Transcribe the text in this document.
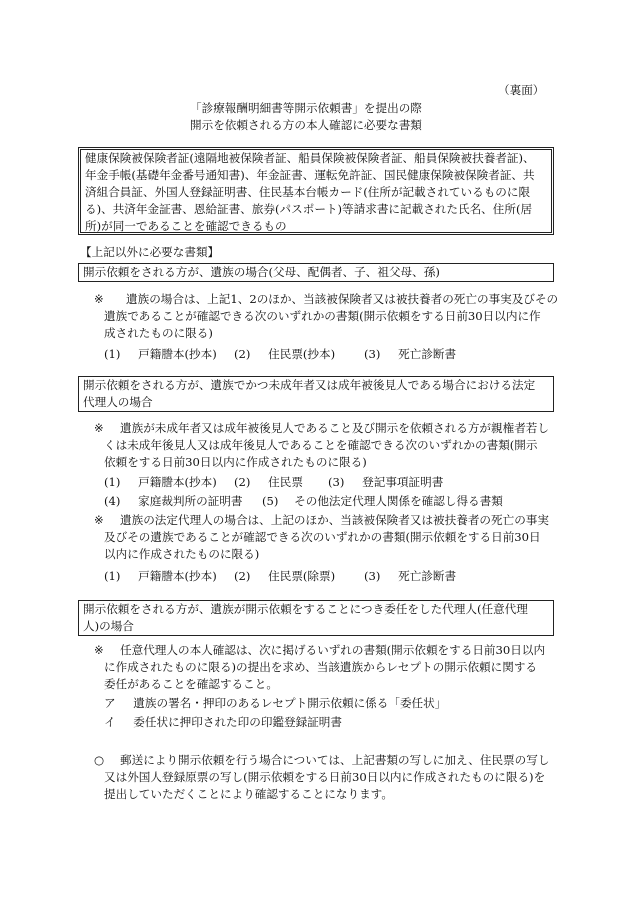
（裏面）
「診療報酬明細書等開示依頼書」を提出の際
開示を依頼される方の本人確認に必要な書類
健康保険被保険者証(遠隔地被保険者証、船員保険被保険者証、船員保険被扶養者証)、
年金手帳(基礎年金番号通知書)、年金証書、運転免許証、国民健康保険被保険者証、共
済組合員証、外国人登録証明書、住民基本台帳カード(住所が記載されているものに限
る)、共済年金証書、恩給証書、旅券(パスポート)等請求書に記載された氏名、住所(居
所)が同一であることを確認できるもの
【上記以外に必要な書類】
開示依頼をされる方が、遺族の場合(父母、配偶者、子、祖父母、孫)
※ 遺族の場合は、上記1、2のほか、当該被保険者又は被扶養者の死亡の事実及びその
遺族であることが確認できる次のいずれかの書類(開示依頼をする日前30日以内に作
成されたものに限る)
(1) 戸籍謄本(抄本) (2) 住民票(抄本) (3) 死亡診断書
開示依頼をされる方が、遺族でかつ未成年者又は成年被後見人である場合における法定
代理人の場合
※ 遺族が未成年者又は成年被後見人であること及び開示を依頼される方が親権者若し
くは未成年後見人又は成年後見人であることを確認できる次のいずれかの書類(開示
依頼をする日前30日以内に作成されたものに限る)
(1) 戸籍謄本(抄本) (2) 住民票 (3) 登記事項証明書
(4) 家庭裁判所の証明書 (5) その他法定代理人関係を確認し得る書類
※ 遺族の法定代理人の場合は、上記のほか、当該被保険者又は被扶養者の死亡の事実
及びその遺族であることが確認できる次のいずれかの書類(開示依頼をする日前30日
以内に作成されたものに限る)
(1) 戸籍謄本(抄本) (2) 住民票(除票) (3) 死亡診断書
開示依頼をされる方が、遺族が開示依頼をすることにつき委任をした代理人(任意代理
人)の場合
※ 任意代理人の本人確認は、次に掲げるいずれの書類(開示依頼をする日前30日以内
に作成されたものに限る)の提出を求め、当該遺族からレセプトの開示依頼に関する
委任があることを確認すること。
ア 遺族の署名・押印のあるレセプト開示依頼に係る「委任状」
イ 委任状に押印された印の印鑑登録証明書
○ 郵送により開示依頼を行う場合については、上記書類の写しに加え、住民票の写し
又は外国人登録原票の写し(開示依頼をする日前30日以内に作成されたものに限る)を
提出していただくことにより確認することになります。
